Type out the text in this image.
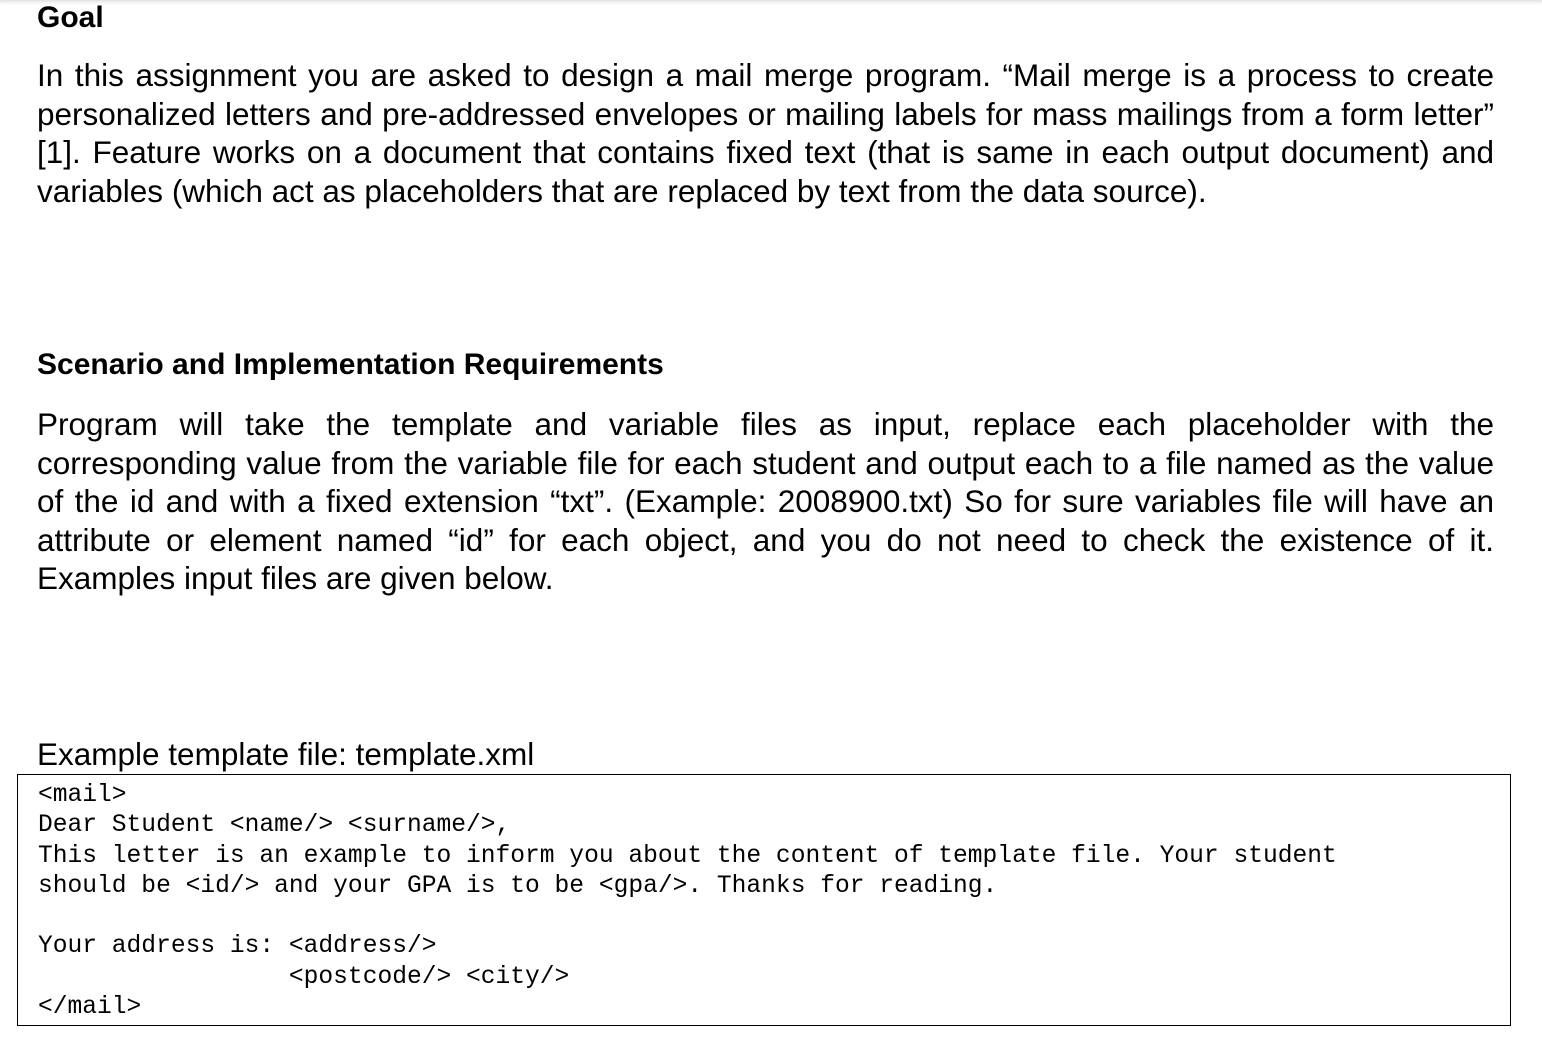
Goal
In this assignment you are asked to design a mail merge program. “Mail merge is a process to create personalized letters and pre-addressed envelopes or mailing labels for mass mailings from a form letter” [1]. Feature works on a document that contains fixed text (that is same in each output document) and variables (which act as placeholders that are replaced by text from the data source).
Scenario and Implementation Requirements
Program will take the template and variable files as input, replace each placeholder with the corresponding value from the variable file for each student and output each to a file named as the value of the id and with a fixed extension “txt”. (Example: 2008900.txt) So for sure variables file will have an attribute or element named “id” for each object, and you do not need to check the existence of it. Examples input files are given below.
Example template file: template.xml
<mail>
Dear Student <name/> <surname/>,
This letter is an example to inform you about the content of template file. Your student
should be <id/> and your GPA is to be <gpa/>. Thanks for reading.
Your address is: <address/>
<postcode/> <city/>
</mail>
